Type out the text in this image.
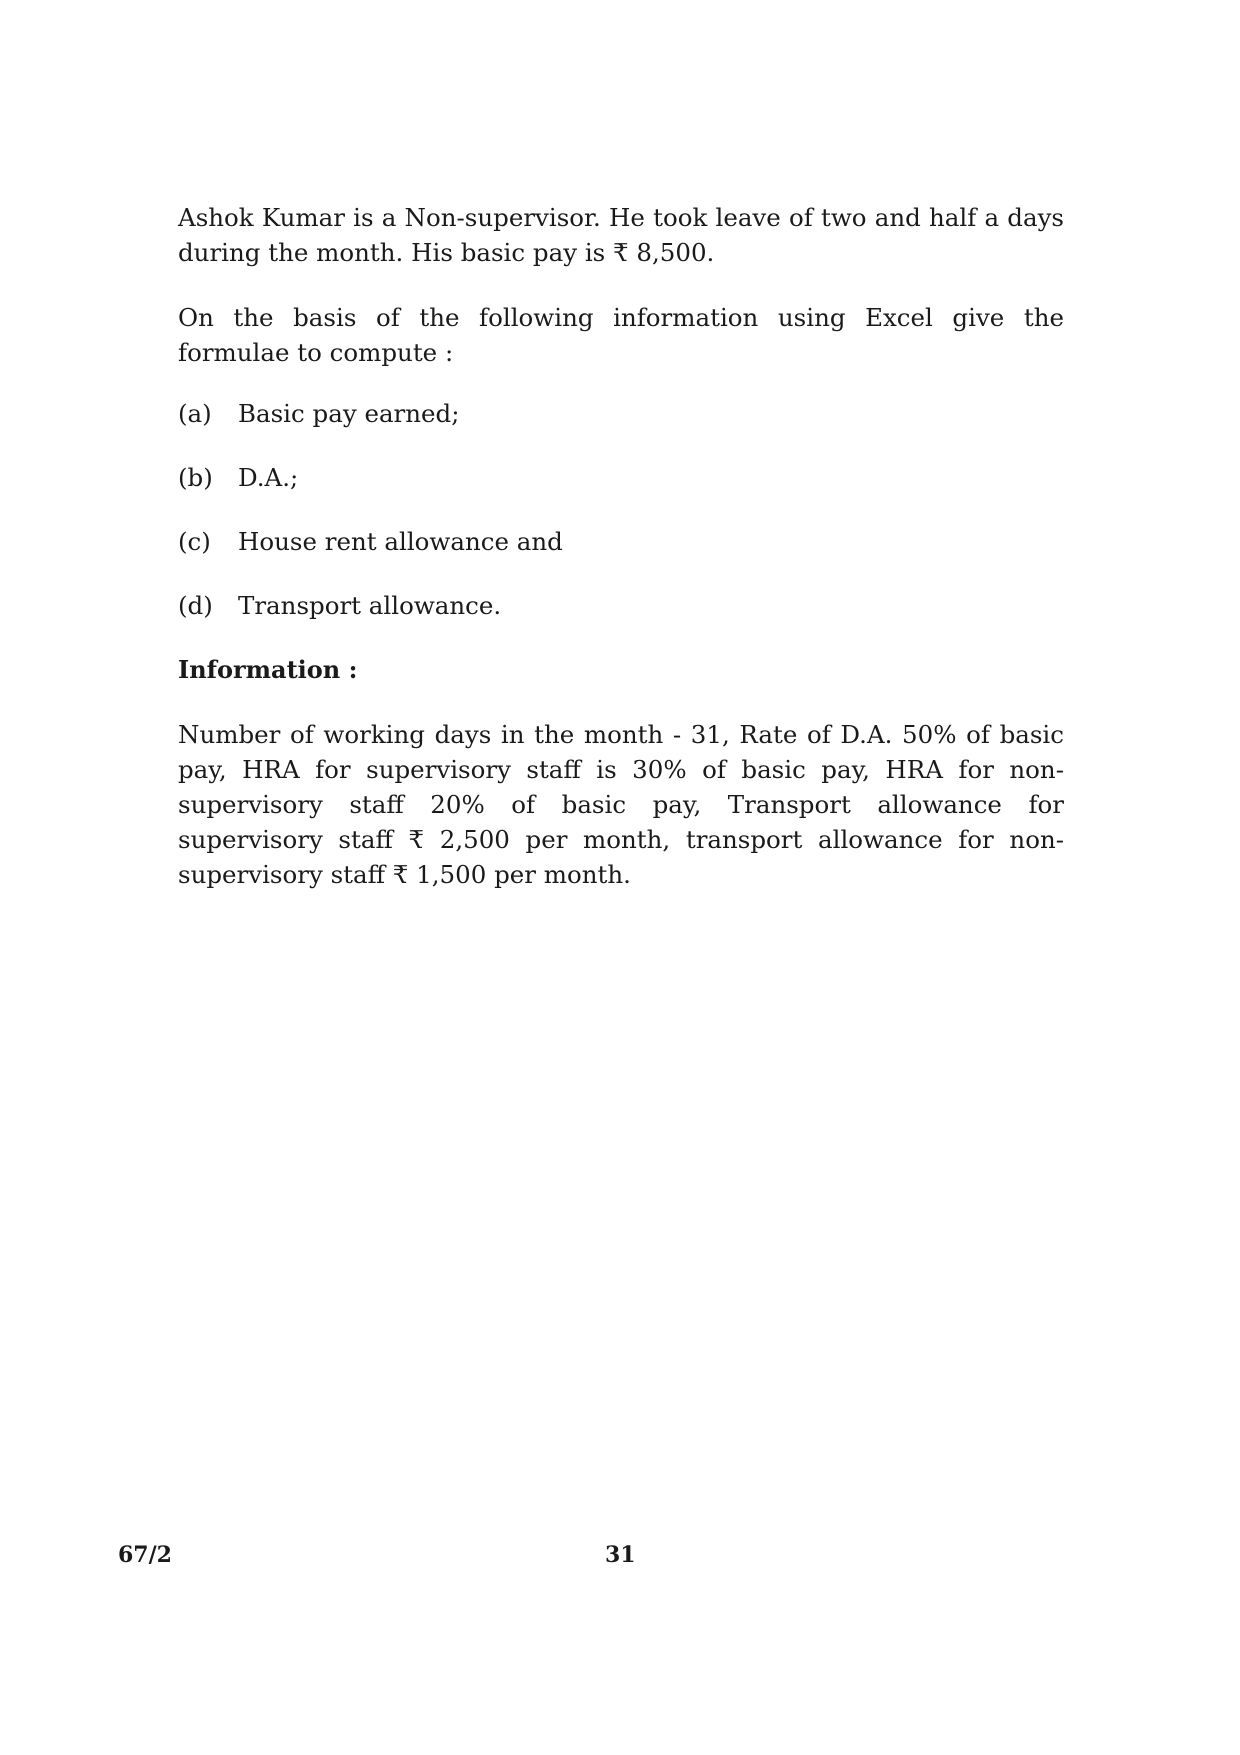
Ashok Kumar is a Non-supervisor. He took leave of two and half a days during the month. His basic pay is ₹ 8,500.

On the basis of the following information using Excel give the formulae to compute :

(a)	Basic pay earned;
(b)	D.A.;
(c)	House rent allowance and
(d)	Transport allowance.
Information :

Number of working days in the month - 31, Rate of D.A. 50% of basic pay, HRA for supervisory staff is 30% of basic pay, HRA for non-supervisory staff 20% of basic pay, Transport allowance for supervisory staff ₹ 2,500 per month, transport allowance for non-supervisory staff ₹ 1,500 per month.

67/2	31
